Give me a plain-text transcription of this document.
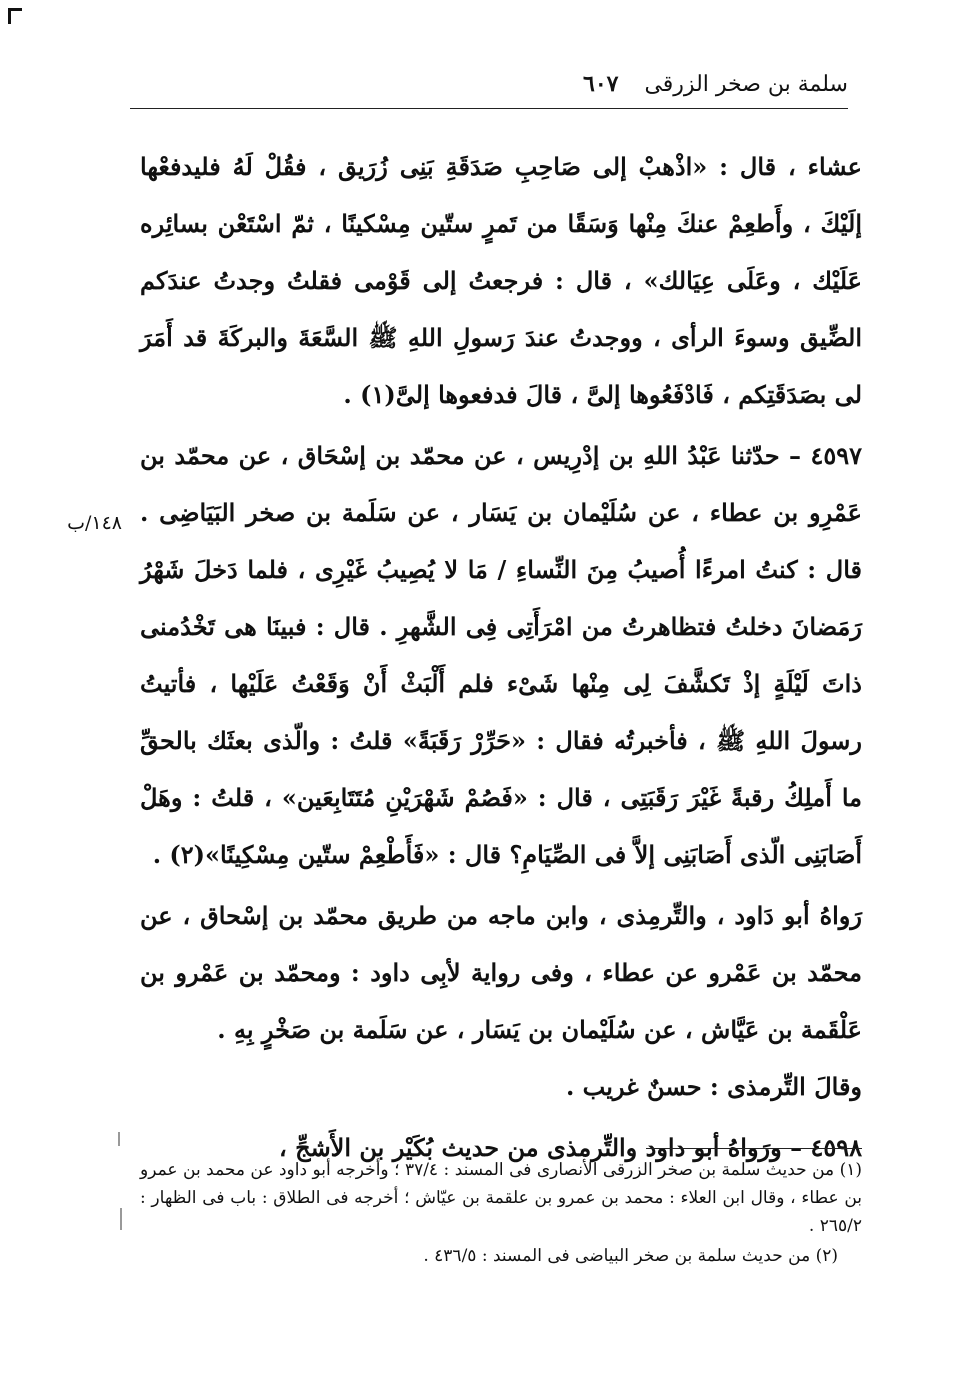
سلمة بن صخر الزرقى
٦٠٧
١٤٨/ب

عشاء ، قال : «اذْهبْ إلى صَاحِبِ صَدَقَةِ بَنِى زُرَيق ، فقُلْ لَهُ فليدفعْها إلَيْكَ ، وأَطعِمْ عنكَ مِنْها وَسَقًا من تَمرٍ ستّين مِسْكينًا ، ثمّ اسْتَعْن بسائِره عَلَيْك ، وعَلَى عِيَالك» ، قال : فرجعتُ إلى قَوْمى فقلتُ وجدتُ عندَكم الضِّيق وسوءَ الرأى ، ووجدتُ عندَ رَسولِ اللهِ ﷺ السَّعَةَ والبركَةَ قد أَمَرَ لى بصَدَقَتِكم ، فَادْفَعُوها إلىَّ ، قالَ فدفعوها إلىَّ(١) .

٤٥٩٧ – حدّثنا عَبْدُ اللهِ بن إدْرِيس ، عن محمّد بن إسْحَاق ، عن محمّد بن عَمْرِو بن عطاء ، عن سُلَيْمان بن يَسَار ، عن سَلَمة بن صخر البَيَاضِى . قال : كنتُ امرءًا أُصيبُ مِنَ النِّساءِ / مَا لا يُصِيبُ غَيْرِى ، فلما دَخلَ شَهْرُ رَمَضانَ دخلتُ فتظاهرتُ من امْرَأَتِى فِى الشَّهرِ . قال : فبينَا هى تَخْدُمنى ذاتَ لَيْلَةٍ إذْ تَكشَّفَ لِى مِنْها شَىْء فلم أَلْبَثْ أَنْ وَقَعْتُ عَلَيْها ، فأتيتُ رسولَ اللهِ ﷺ ، فأخبرتُه فقال : «حَرِّرْ رَقَبَةً» قلتُ : والّذى بعثَك بالحقِّ ما أَملِكُ رقبةً غَيْرَ رَقَبَتِى ، قال : «فَصُمْ شَهْرَيْنِ مُتَتَابِعَين» ، قلتُ : وهَلْ أَصَابَنِى الّذى أَصَابَنِى إلاَّ فى الصِّيَامِ؟ قال : «فَأَطْعِمْ ستّين مِسْكِينًا»(٢) .

رَواهُ أبو دَاود ، والتِّرمِذى ، وابن ماجه من طريق محمّد بن إسْحاق ، عن محمّد بن عَمْرو عن عطاء ، وفى رواية لأبِى داود : ومحمّد بن عَمْرو بن عَلْقَمة بن عَيَّاش ، عن سُلَيْمان بن يَسَار ، عن سَلَمة بن صَخْرٍ بِهِ .

وقالَ التِّرمذى : حسنٌ غريب .

٤٥٩٨ – ورَواهُ أبو داود والتِّرمذى من حديث بُكَيْر بن الأَشجِّ ،

(١) من حديث سلمة بن صخر الزرقى الأنصارى فى المسند : ٣٧/٤ ؛ وأخرجه أبو داود عن محمد بن عمرو بن عطاء ، وقال ابن العلاء : محمد بن عمرو بن علقمة بن عيّاش ؛ أخرجه فى الطلاق : باب فى الظهار : ٢٦٥/٢ .

(٢) من حديث سلمة بن صخر البياضى فى المسند : ٤٣٦/٥ .
